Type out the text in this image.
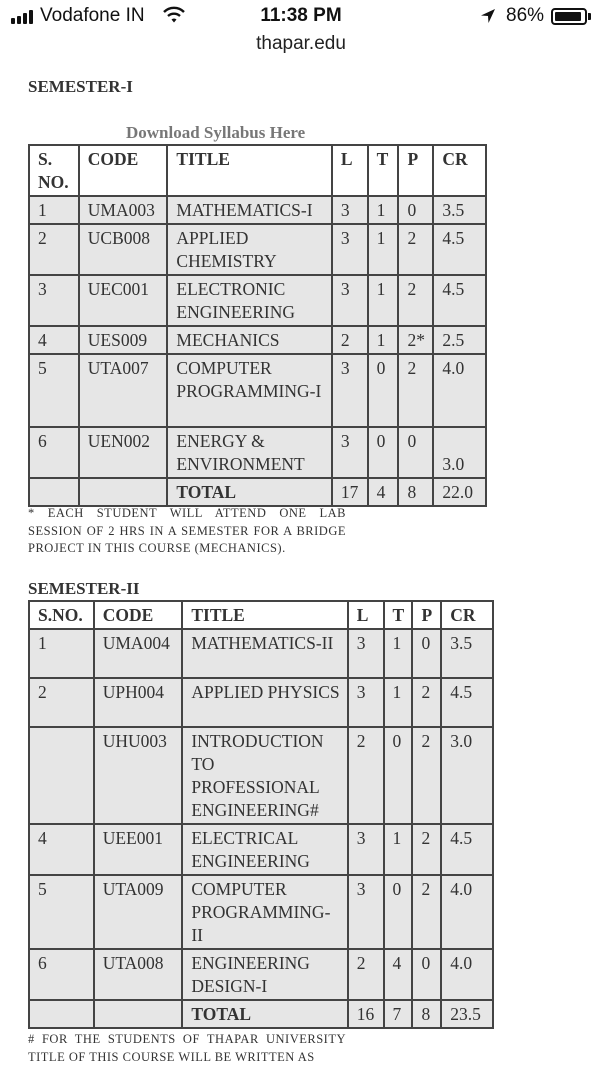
Vodafone IN	11:38 PM	86%
thapar.edu
SEMESTER-I
Download Syllabus Here
S. NO.	CODE	TITLE	L	T	P	CR
1	UMA003	MATHEMATICS-I	3	1	0	3.5
2	UCB008	APPLIED CHEMISTRY	3	1	2	4.5
3	UEC001	ELECTRONIC ENGINEERING	3	1	2	4.5
4	UES009	MECHANICS	2	1	2*	2.5
5	UTA007	COMPUTER PROGRAMMING-I	3	0	2	4.0
6	UEN002	ENERGY & ENVIRONMENT	3	0	0	3.0
		TOTAL	17	4	8	22.0
* EACH STUDENT WILL ATTEND ONE LAB SESSION OF 2 HRS IN A SEMESTER FOR A BRIDGE PROJECT IN THIS COURSE (MECHANICS).
SEMESTER-II
S.NO.	CODE	TITLE	L	T	P	CR
1	UMA004	MATHEMATICS-II	3	1	0	3.5
2	UPH004	APPLIED PHYSICS	3	1	2	4.5
	UHU003	INTRODUCTION TO PROFESSIONAL ENGINEERING#	2	0	2	3.0
4	UEE001	ELECTRICAL ENGINEERING	3	1	2	4.5
5	UTA009	COMPUTER PROGRAMMING-II	3	0	2	4.0
6	UTA008	ENGINEERING DESIGN-I	2	4	0	4.0
		TOTAL	16	7	8	23.5
# FOR THE STUDENTS OF THAPAR UNIVERSITY TITLE OF THIS COURSE WILL BE WRITTEN AS
